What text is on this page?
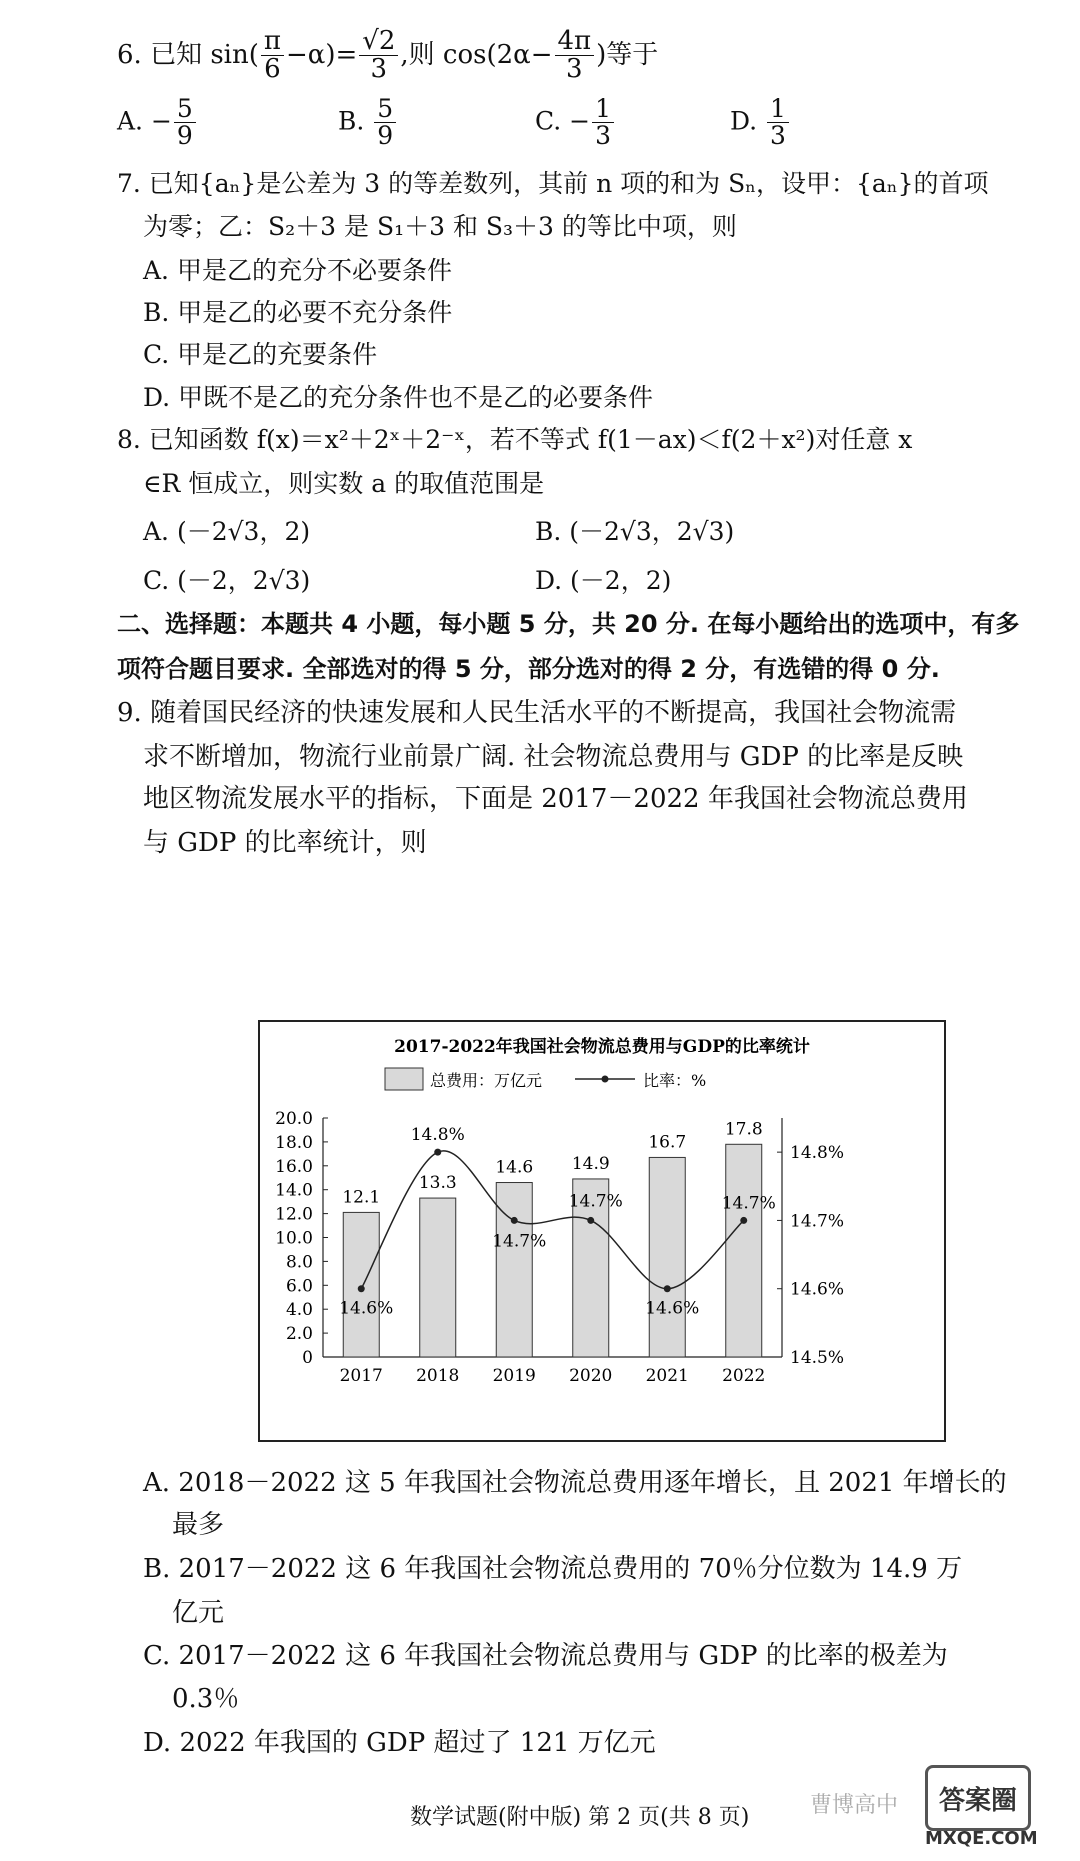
6. 已知 $\sin( \frac{\pi}{6} -\alpha)= \frac{√2}{3}$ ,则 $\cos(2\alpha- \frac{4\pi}{3}$ )等于
A. − $\frac{5}{9}$	B. $\frac{5}{9}$	C. − $\frac{1}{3}$	D. $\frac{1}{3}$
7. 已知{aₙ}是公差为 3 的等差数列，其前 n 项的和为 Sₙ，设甲：{aₙ}的首项
为零；乙：S₂＋3 是 S₁＋3 和 S₃＋3 的等比中项，则
A. 甲是乙的充分不必要条件
B. 甲是乙的必要不充分条件
C. 甲是乙的充要条件
D. 甲既不是乙的充分条件也不是乙的必要条件
8. 已知函数 f(x)＝x²＋2ˣ＋2⁻ˣ，若不等式 f(1－ax)＜f(2＋x²)对任意 x
∈R 恒成立，则实数 a 的取值范围是
A. (－2√3，2)	B. (－2√3，2√3)
C. (－2，2√3)	D. (－2，2)
二、选择题：本题共 4 小题，每小题 5 分，共 20 分. 在每小题给出的选项中，有多
项符合题目要求. 全部选对的得 5 分，部分选对的得 2 分，有选错的得 0 分.
9. 随着国民经济的快速发展和人民生活水平的不断提高，我国社会物流需
求不断增加，物流行业前景广阔. 社会物流总费用与 GDP 的比率是反映
地区物流发展水平的指标，下面是 2017－2022 年我国社会物流总费用
与 GDP 的比率统计，则
2017-2022年我国社会物流总费用与GDP的比率统计
总费用：万亿元	比率：%
20.0
18.0
16.0
14.0
12.0
10.0
8.0
6.0
4.0
2.0
0
14.8%
14.7%
14.6%
14.5%
12.1
2017
13.3
2018
14.6
2019
14.9
2020
16.7
2021
17.8
2022
14.6%
14.8%
14.7%
14.7%
14.6%
14.7%
A. 2018－2022 这 5 年我国社会物流总费用逐年增长，且 2021 年增长的
最多
B. 2017－2022 这 6 年我国社会物流总费用的 70％分位数为 14.9 万
亿元
C. 2017－2022 这 6 年我国社会物流总费用与 GDP 的比率的极差为
0.3％
D. 2022 年我国的 GDP 超过了 121 万亿元
数学试题(附中版) 第 2 页(共 8 页)	曹博高中 答案圈
MXQE.COM
